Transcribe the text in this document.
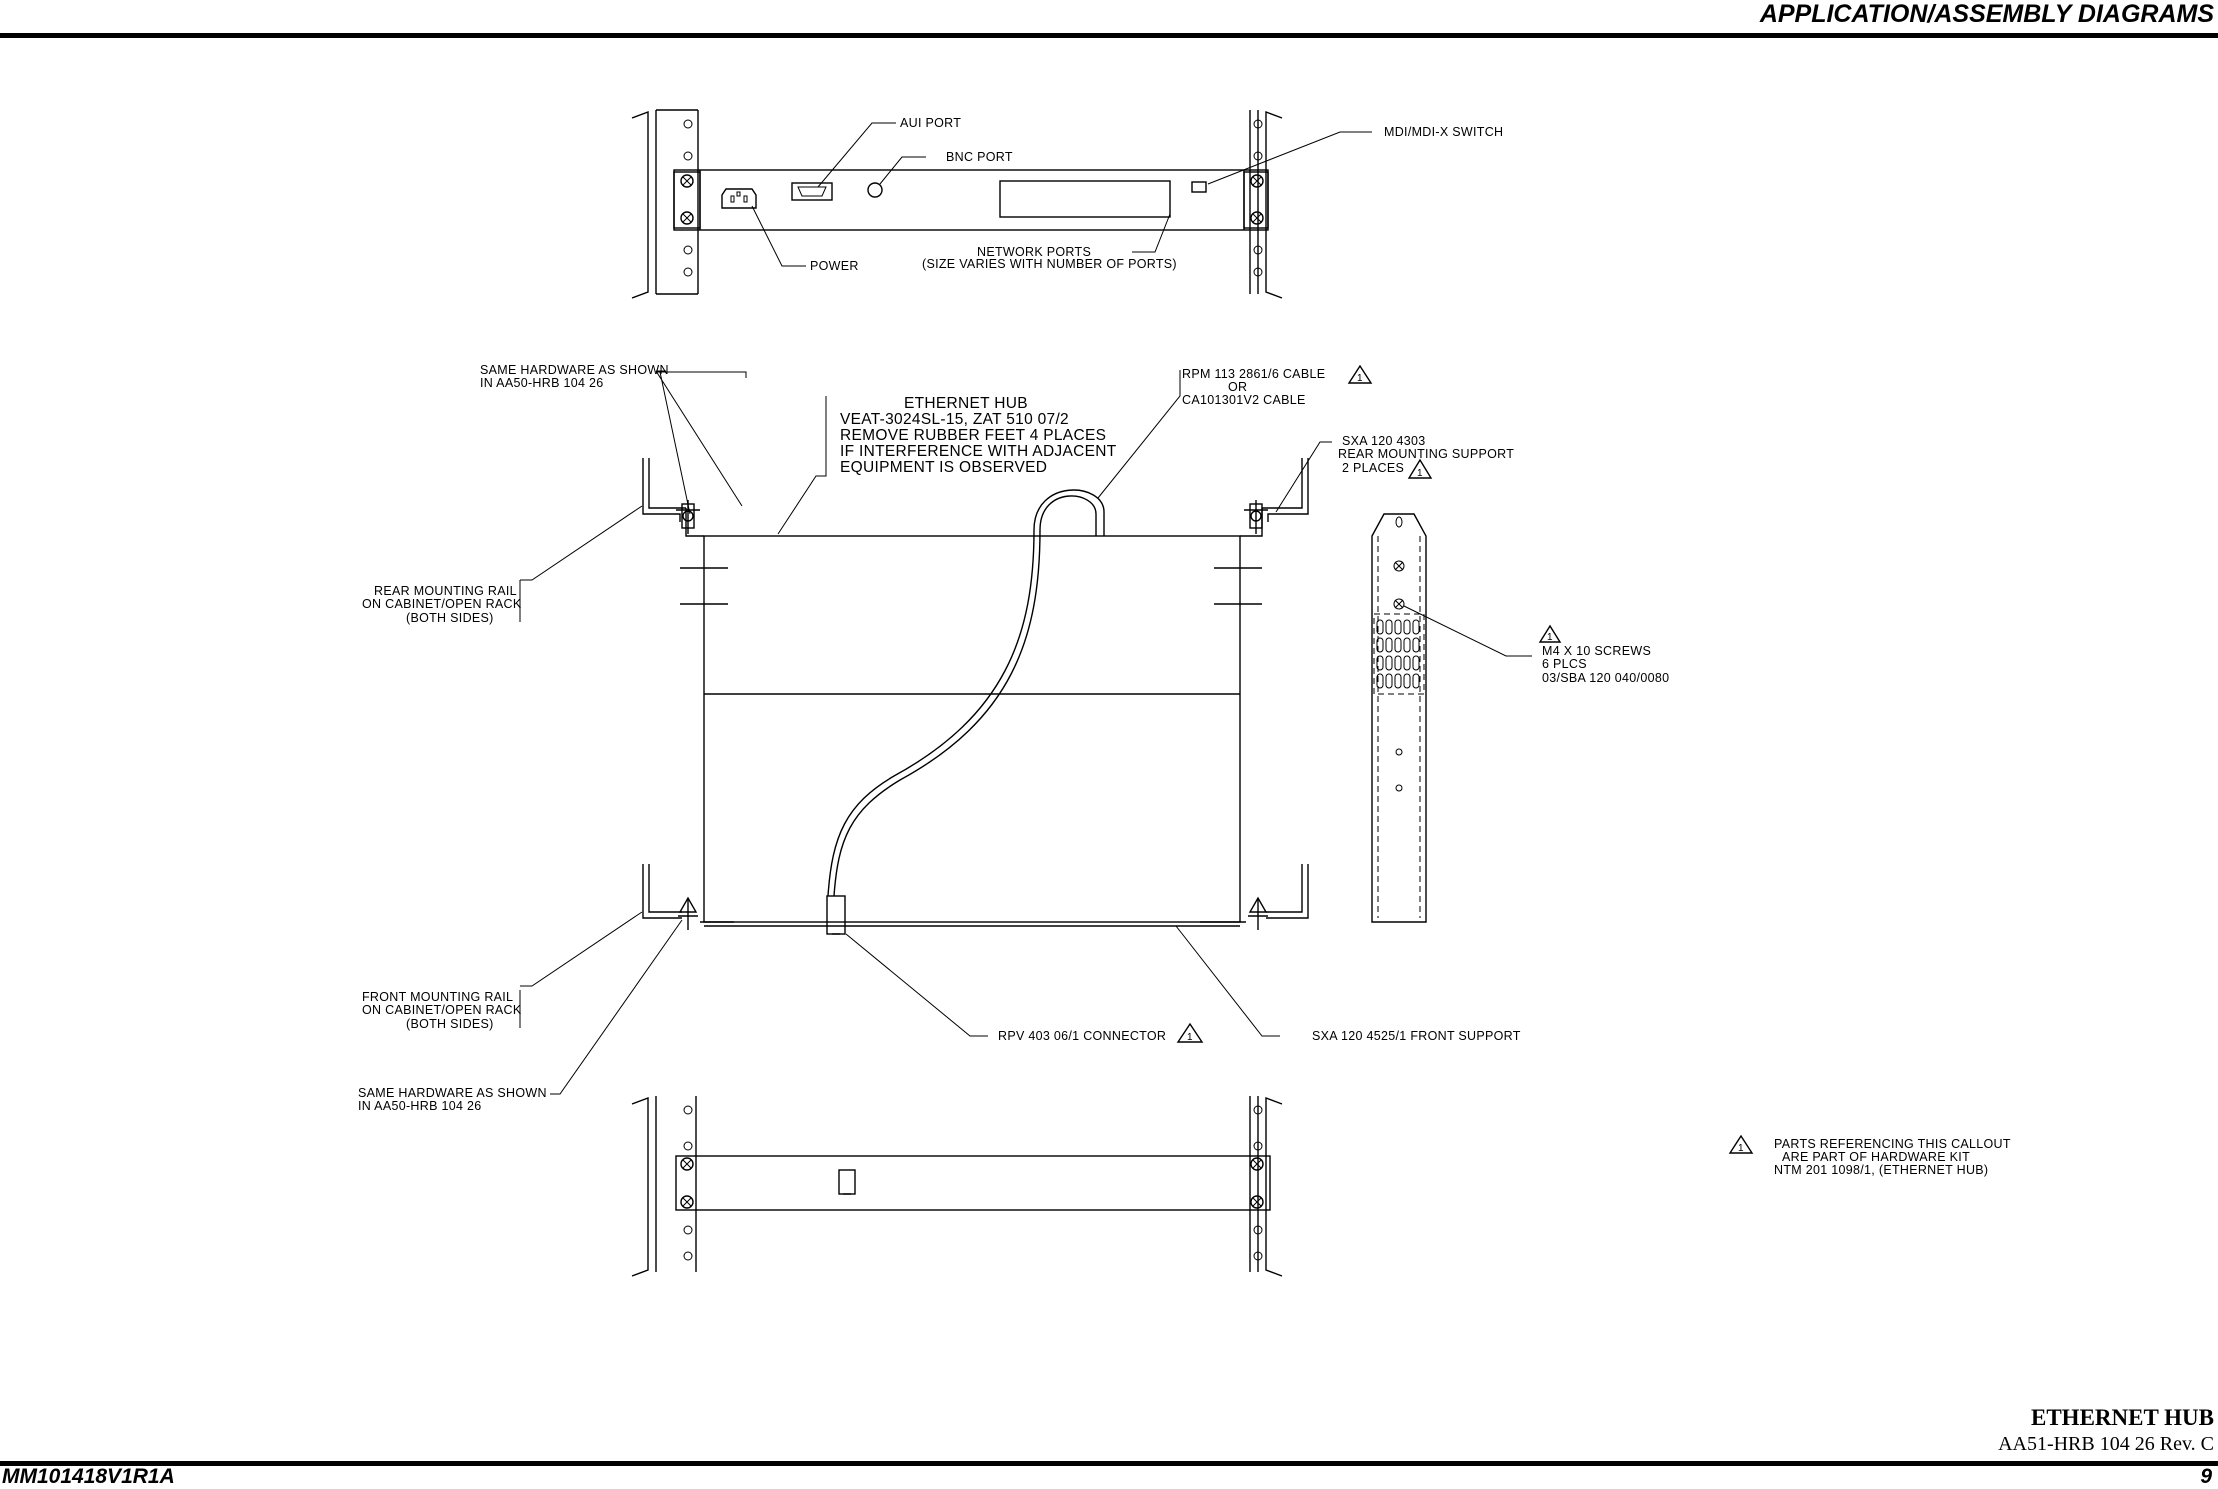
APPLICATION/ASSEMBLY DIAGRAMS
AUI PORT
BNC PORT
MDI/MDI-X SWITCH
POWER
NETWORK PORTS
(SIZE VARIES WITH NUMBER OF PORTS)
1
1
1
1
SAME HARDWARE AS SHOWN
IN AA50-HRB 104 26
ETHERNET HUB
VEAT-3024SL-15, ZAT 510 07/2
REMOVE RUBBER FEET 4 PLACES
IF INTERFERENCE WITH ADJACENT
EQUIPMENT IS OBSERVED
RPM 113 2861/6 CABLE
OR
CA101301V2 CABLE
SXA 120 4303
REAR MOUNTING SUPPORT
2 PLACES
REAR MOUNTING RAIL
ON CABINET/OPEN RACK
(BOTH SIDES)
M4 X 10 SCREWS
6 PLCS
03/SBA 120 040/0080
FRONT MOUNTING RAIL
ON CABINET/OPEN RACK
(BOTH SIDES)
RPV 403 06/1 CONNECTOR	SXA 120 4525/1 FRONT SUPPORT
SAME HARDWARE AS SHOWN
IN AA50-HRB 104 26
1 PARTS REFERENCING THIS CALLOUT
ARE PART OF HARDWARE KIT
NTM 201 1098/1, (ETHERNET HUB)
ETHERNET HUB
AA51-HRB 104 26 Rev. C
MM101418V1R1A	9
